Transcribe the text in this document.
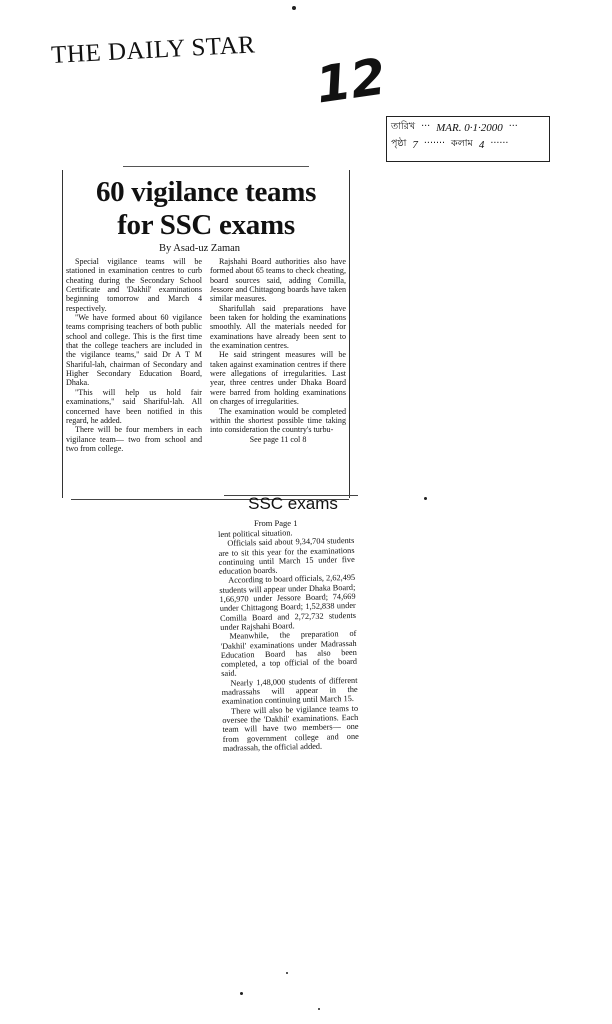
THE DAILY STAR 12
তারিখ ··· MAR. 0·1·2000 ···
পৃষ্ঠা 7 ······· কলাম 4 ······
60 vigilance teams
for SSC exams
By Asad-uz Zaman

Special vigilance teams will be stationed in examination centres to curb cheating during the Secondary School Certificate and 'Dakhil' examinations beginning tomorrow and March 4 respectively.

"We have formed about 60 vigilance teams comprising teachers of both public school and college. This is the first time that the college teachers are included in the vigilance teams," said Dr A T M Shariful-lah, chairman of Secondary and Higher Secondary Education Board, Dhaka.

"This will help us hold fair examinations," said Shariful-lah. All concerned have been notified in this regard, he added.

There will be four members in each vigilance team— two from school and two from college.

Rajshahi Board authorities also have formed about 65 teams to check cheating, board sources said, adding Comilla, Jessore and Chittagong boards have taken similar measures.

Sharifullah said preparations have been taken for holding the examinations smoothly. All the materials needed for examinations have already been sent to the examination centres.

He said stringent measures will be taken against examination centres if there were allegations of irregularities. Last year, three centres under Dhaka Board were barred from holding examinations on charges of irregularities.

The examination would be completed within the shortest possible time taking into consideration the country's turbu-

See page 11 col 8

SSC exams
From Page 1

lent political situation.

Officials said about 9,34,704 students are to sit this year for the examinations continuing until March 15 under five education boards.

According to board officials, 2,62,495 students will appear under Dhaka Board; 1,66,970 under Jessore Board; 74,669 under Chittagong Board; 1,52,838 under Comilla Board and 2,72,732 students under Rajshahi Board.

Meanwhile, the preparation of 'Dakhil' examinations under Madrassah Education Board has also been completed, a top official of the board said.

Nearly 1,48,000 students of different madrassahs will appear in the examination continuing until March 15.

There will also be vigilance teams to oversee the 'Dakhil' examinations. Each team will have two members— one from government college and one madrassah, the official added.
